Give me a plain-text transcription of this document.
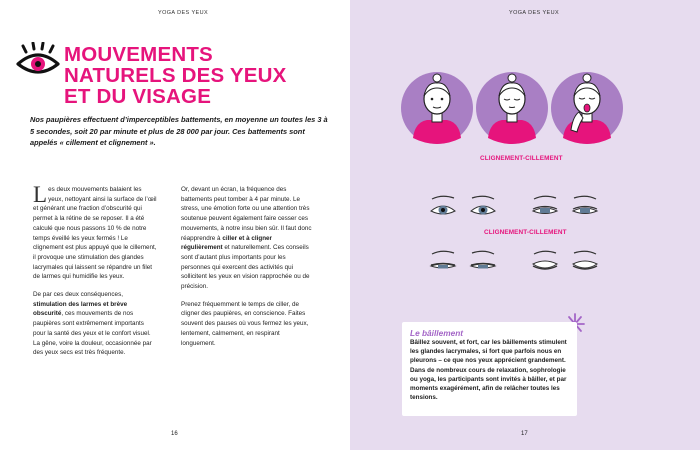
YOGA DES YEUX
MOUVEMENTS
NATURELS DES YEUX
ET DU VISAGE
Nos paupières effectuent d’imperceptibles battements, en moyenne un toutes les 3 à 5 secondes, soit 20 par minute et plus de 28 000 par jour. Ces battements sont appelés « cillement et clignement ».

Les deux mouvements balaient les yeux, nettoyant ainsi la surface de l’œil et générant une fraction d’obscurité qui permet à la rétine de se reposer. Il a été calculé que nous passons 10 % de notre temps éveillé les yeux fermés ! Le clignement est plus appuyé que le cillement, il provoque une stimulation des glandes lacrymales qui laissent se répandre un filet de larmes qui humidifie les yeux.

De par ces deux conséquences, stimulation des larmes et brève obscurité, ces mouvements de nos paupières sont extrêmement importants pour la santé des yeux et le confort visuel. La gêne, voire la douleur, occasionnée par des yeux secs est très fréquente.

Or, devant un écran, la fréquence des battements peut tomber à 4 par minute. Le stress, une émotion forte ou une attention très soutenue peuvent également faire cesser ces mouvements, à notre insu bien sûr. Il faut donc réapprendre à ciller et à cligner régulièrement et naturellement. Ces conseils sont d’autant plus importants pour les personnes qui exercent des activités qui sollicitent les yeux en vision rapprochée ou de précision.

Prenez fréquemment le temps de ciller, de cligner des paupières, en conscience. Faites souvent des pauses où vous fermez les yeux, lentement, calmement, en respirant longuement.

16
YOGA DES YEUX
17
CLIGNEMENT-CILLEMENT
CLIGNEMENT-CILLEMENT
Le bâillement
Bâillez souvent, et fort, car les bâillements stimulent les glandes lacrymales, si fort que parfois nous en pleurons – ce que nos yeux apprécient grandement. Dans de nombreux cours de relaxation, sophrologie ou yoga, les participants sont invités à bâiller, et par moments exagérément, afin de relâcher toutes les tensions.
